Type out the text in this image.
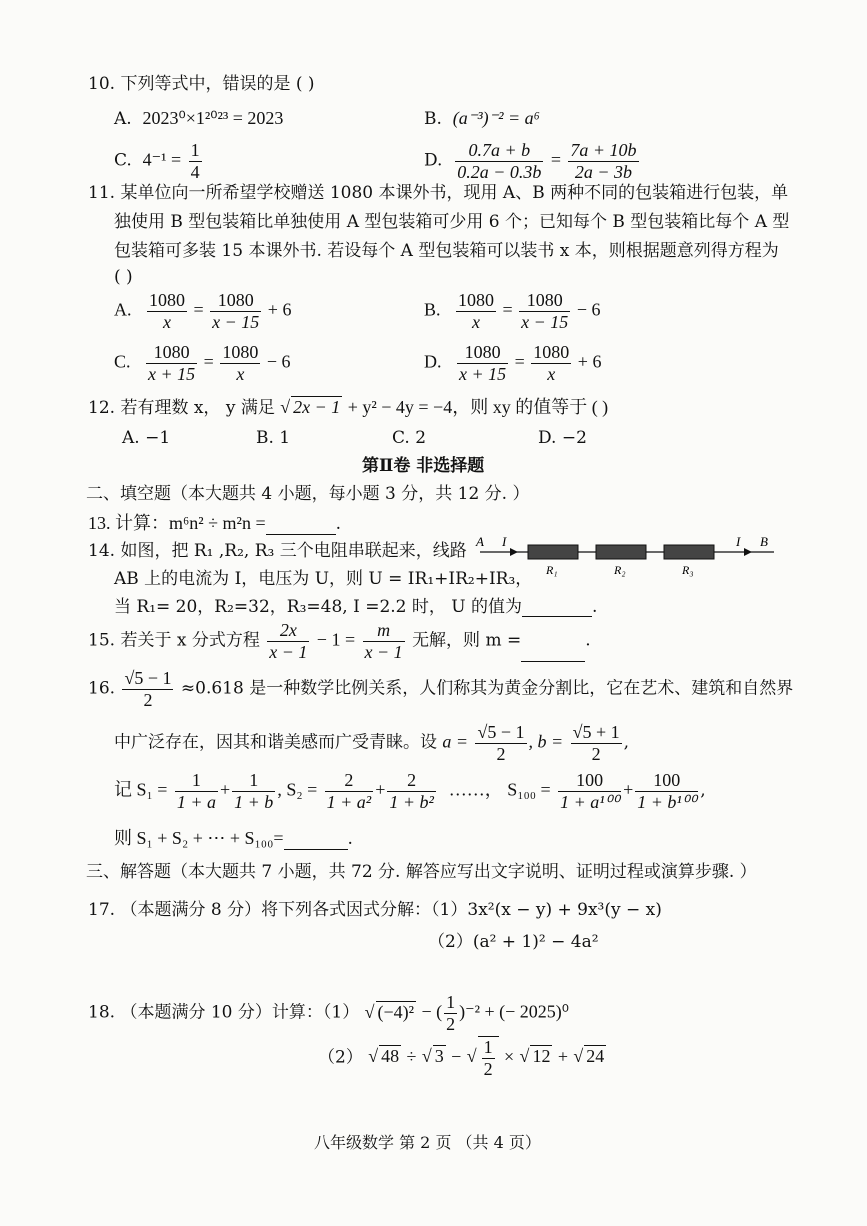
10. 下列等式中，错误的是 ( )
A. 2023⁰×1²⁰²³ = 2023	B. (a⁻³)⁻² = a⁶
C. $4^{-1} = \frac{1}{4}$	D. $\frac{0.7a + b}{0.2a - 0.3b} = \frac{7a + 10b}{2a - 3b}$
11. 某单位向一所希望学校赠送 1080 本课外书，现用 A、B 两种不同的包装箱进行包装，单
独使用 B 型包装箱比单独使用 A 型包装箱可少用 6 个；已知每个 B 型包装箱比每个 A 型
包装箱可多装 15 本课外书. 若设每个 A 型包装箱可以装书 x 本，则根据题意列得方程为
( )
A. $\frac{1080}{x} = \frac{1080}{x - 15} + 6$	B. $\frac{1080}{x} = \frac{1080}{x - 15} - 6$
C. $\frac{1080}{x + 15} = \frac{1080}{x} - 6$	D. $\frac{1080}{x + 15} = \frac{1080}{x} + 6$
12. 若有理数 x， y 满足 √ 2x − 1 + y² − 4y = −4，则 xy 的值等于 ( )
A. −1	B. 1	C. 2	D. −2
第Ⅱ卷 非选择题
二、填空题（本大题共 4 小题，每小题 3 分，共 12 分. ）
13. 计算：m⁶n² ÷ m²n =	.
14. 如图，把 R₁ ,R₂, R₃ 三个电阻串联起来，线路
AB 上的电流为 I，电压为 U，则 U = IR₁+IR₂+IR₃，
当 R₁= 20，R₂=32，R₃=48, I =2.2 时， U 的值为	.
A I	I B
R₁	R₂	R₃
15. 若关于 x 分式方程 $\frac{2x}{x - 1} - 1 = \frac{m}{x - 1}$ 无解，则 m =	.
16. $\frac{√5 - 1}{2} \approx 0.618$ 是一种数学比例关系，人们称其为黄金分割比，它在艺术、建筑和自然界
中广泛存在，因其和谐美感而广受青睐。设 $a = \frac{√5 - 1}{2}$ , $b = \frac{√5 + 1}{2}$ ,
记 $S_1 = \frac{1}{1 + a} + \frac{1}{1 + b}$ , $S_2 = \frac{2}{\text{1 + a²}} + \frac{2}{\text{1 + b²}}$ ……， $S_{100} = \frac{100}{\text{1 + a¹⁰⁰}} + \frac{100}{\text{1 + b¹⁰⁰}}$ ,
则 S₁ + S₂ + ⋯ + S₁₀₀=	.
三、解答题（本大题共 7 小题，共 72 分. 解答应写出文字说明、证明过程或演算步骤. ）
17. （本题满分 8 分）将下列各式因式分解：（1）3x²(x − y) + 9x³(y − x)
（2）(a² + 1)² − 4a²
18. （本题满分 10 分）计算：（1） √ (−4)² − ( $\frac{1}{2} )^{-2}$ + (− 2025)⁰
（2） √ 48 ÷ √ 3 − √ $\frac{1}{2}$ × √ 12 + √ 24
八年级数学 第 2 页 （共 4 页）
